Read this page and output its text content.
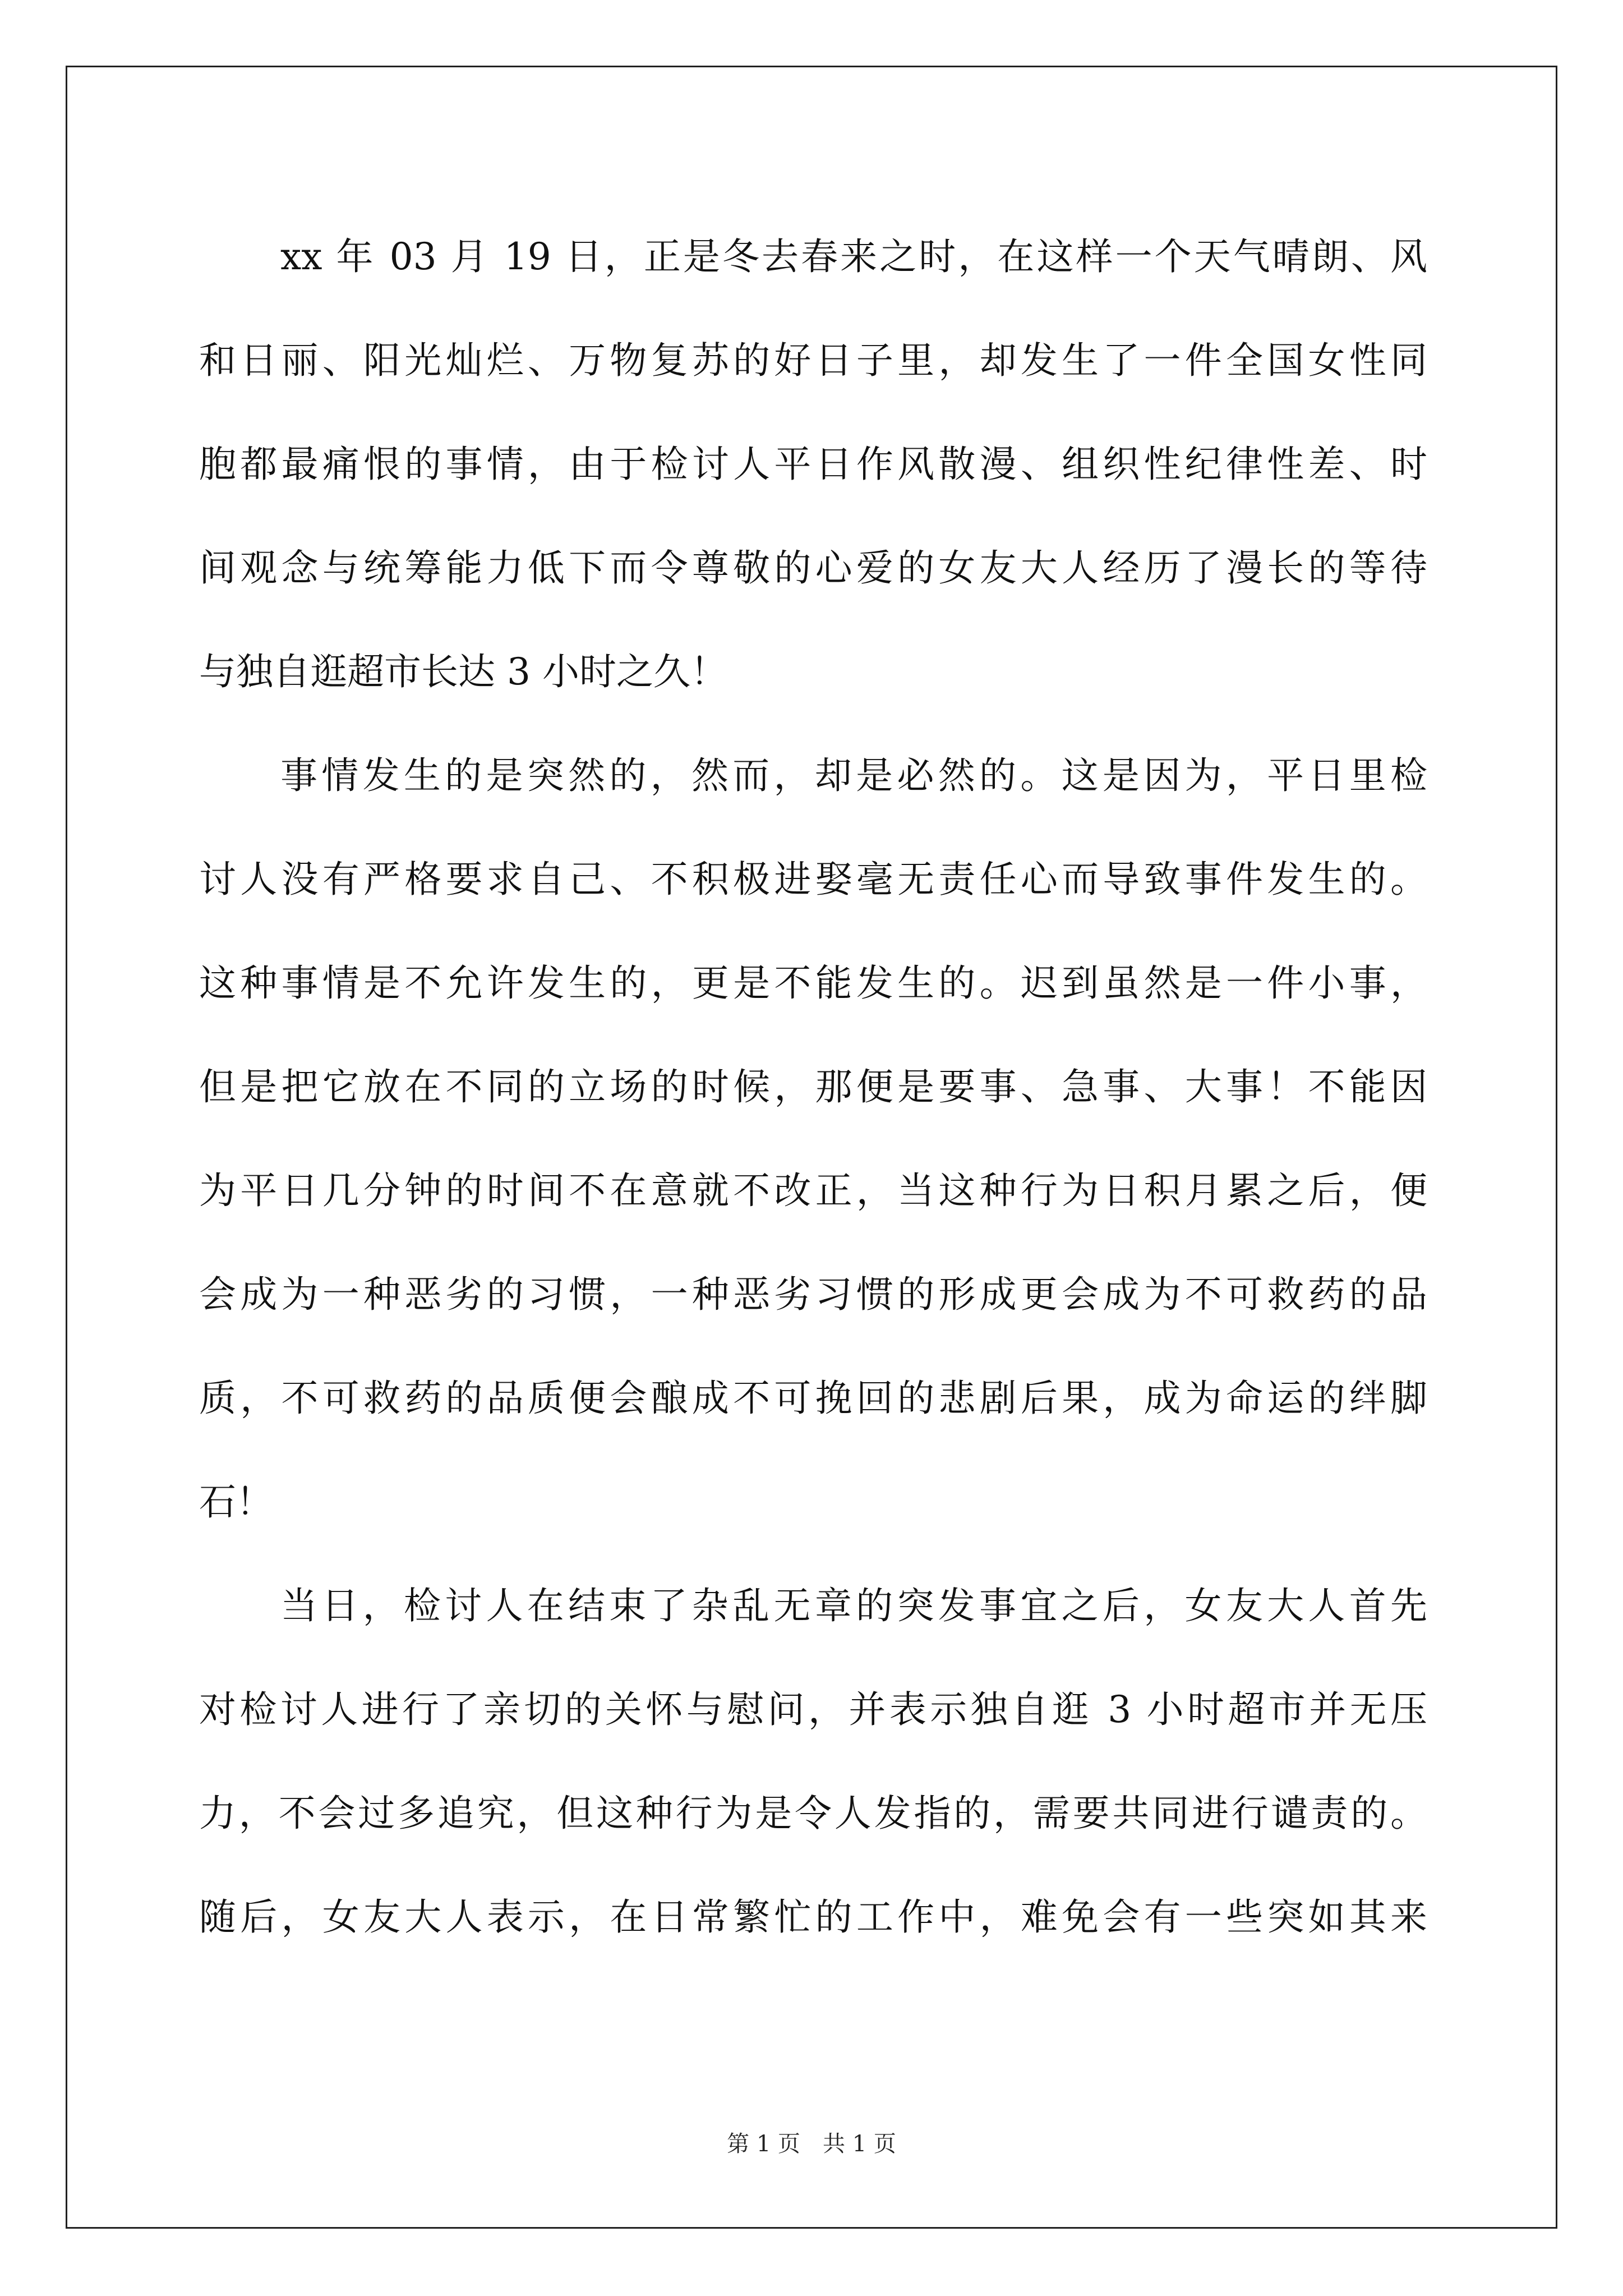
xx 年 03 月 19 日，正是冬去春来之时，在这样一个天气晴朗、风
和日丽、阳光灿烂、万物复苏的好日子里，却发生了一件全国女性同
胞都最痛恨的事情，由于检讨人平日作风散漫、组织性纪律性差、时
间观念与统筹能力低下而令尊敬的心爱的女友大人经历了漫长的等待
与独自逛超市长达 3 小时之久！
事情发生的是突然的，然而，却是必然的。这是因为，平日里检
讨人没有严格要求自己、不积极进娶毫无责任心而导致事件发生的。
这种事情是不允许发生的，更是不能发生的。迟到虽然是一件小事，
但是把它放在不同的立场的时候，那便是要事、急事、大事！不能因
为平日几分钟的时间不在意就不改正，当这种行为日积月累之后，便
会成为一种恶劣的习惯，一种恶劣习惯的形成更会成为不可救药的品
质，不可救药的品质便会酿成不可挽回的悲剧后果，成为命运的绊脚
石！
当日，检讨人在结束了杂乱无章的突发事宜之后，女友大人首先
对检讨人进行了亲切的关怀与慰问，并表示独自逛 3 小时超市并无压
力，不会过多追究，但这种行为是令人发指的，需要共同进行谴责的。
随后，女友大人表示，在日常繁忙的工作中，难免会有一些突如其来
第 1 页　共 1 页
